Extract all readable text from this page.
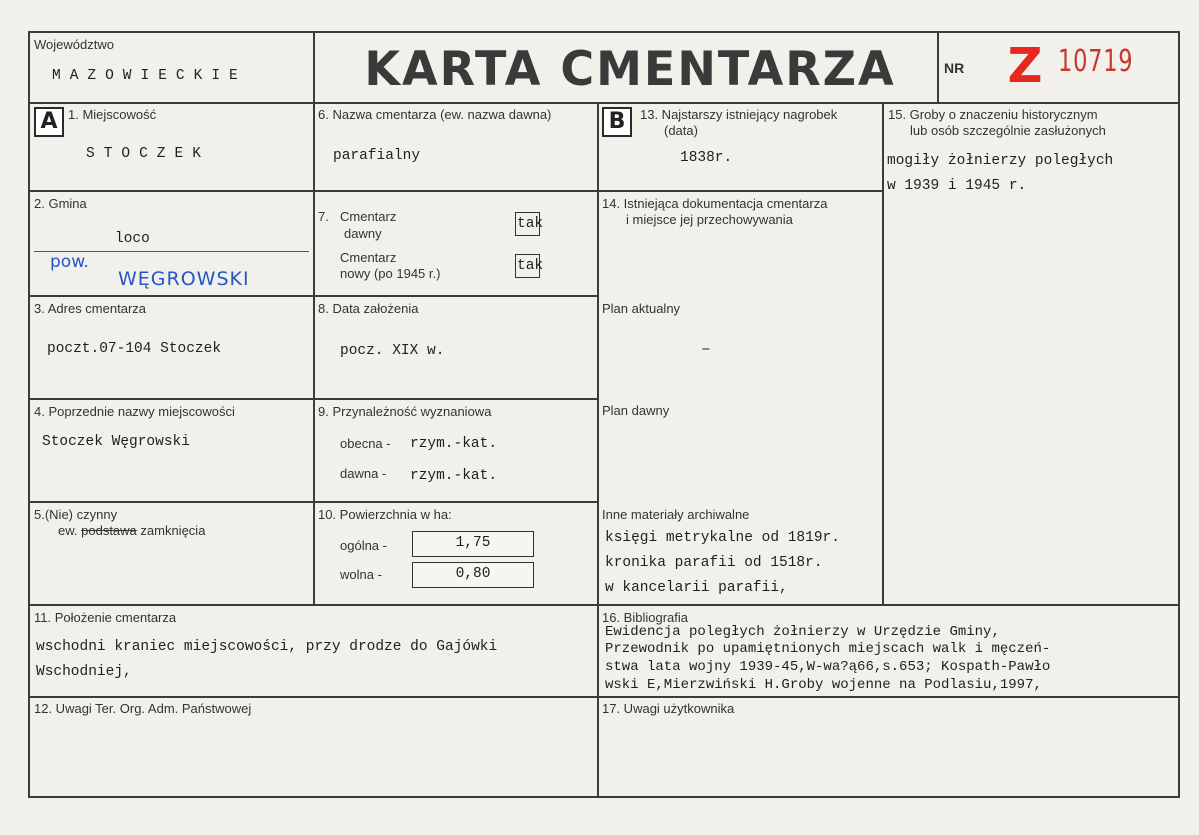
Województwo
MAZOWIECKIE	KARTA CMENTARZA	NR Z 10719
A	B
1. Miejscowość
STOCZEK
2. Gmina
loco
pow.
WĘGROWSKI
3. Adres cmentarza
poczt.07-104 Stoczek
4. Poprzednie nazwy miejscowości
Stoczek Węgrowski
5.(Nie) czynny
ew. podstawa zamknięcia
6. Nazwa cmentarza (ew. nazwa dawna)
parafialny
7. Cmentarz
dawny
tak
Cmentarz
nowy (po 1945 r.)	tak
8. Data założenia
pocz. XIX w.
9. Przynależność wyznaniowa
obecna - rzym.-kat.
dawna - rzym.-kat.
10. Powierzchnia w ha:
ogólna -	1,75
wolna -	0,80
11. Położenie cmentarza
wschodni kraniec miejscowości, przy drodze do Gajówki
Wschodniej,
12. Uwagi Ter. Org. Adm. Państwowej
13. Najstarszy istniejący nagrobek
(data)
1838r.
14. Istniejąca dokumentacja cmentarza
i miejsce jej przechowywania
Plan aktualny
–
Plan dawny
Inne materiały archiwalne
księgi metrykalne od 1819r.
kronika parafii od 1518r.
w kancelarii parafii,
15. Groby o znaczeniu historycznym
lub osób szczególnie zasłużonych
mogiły żołnierzy poległych
w 1939 i 1945 r.
16. Bibliografia
Ewidencja poległych żołnierzy w Urzędzie Gminy,
Przewodnik po upamiętnionych miejscach walk i męczeń-
stwa lata wojny 1939-45,W-wa?ą66,s.653; Kospath-Pawło
wski E,Mierzwiński H.Groby wojenne na Podlasiu,1997,
17. Uwagi użytkownika
